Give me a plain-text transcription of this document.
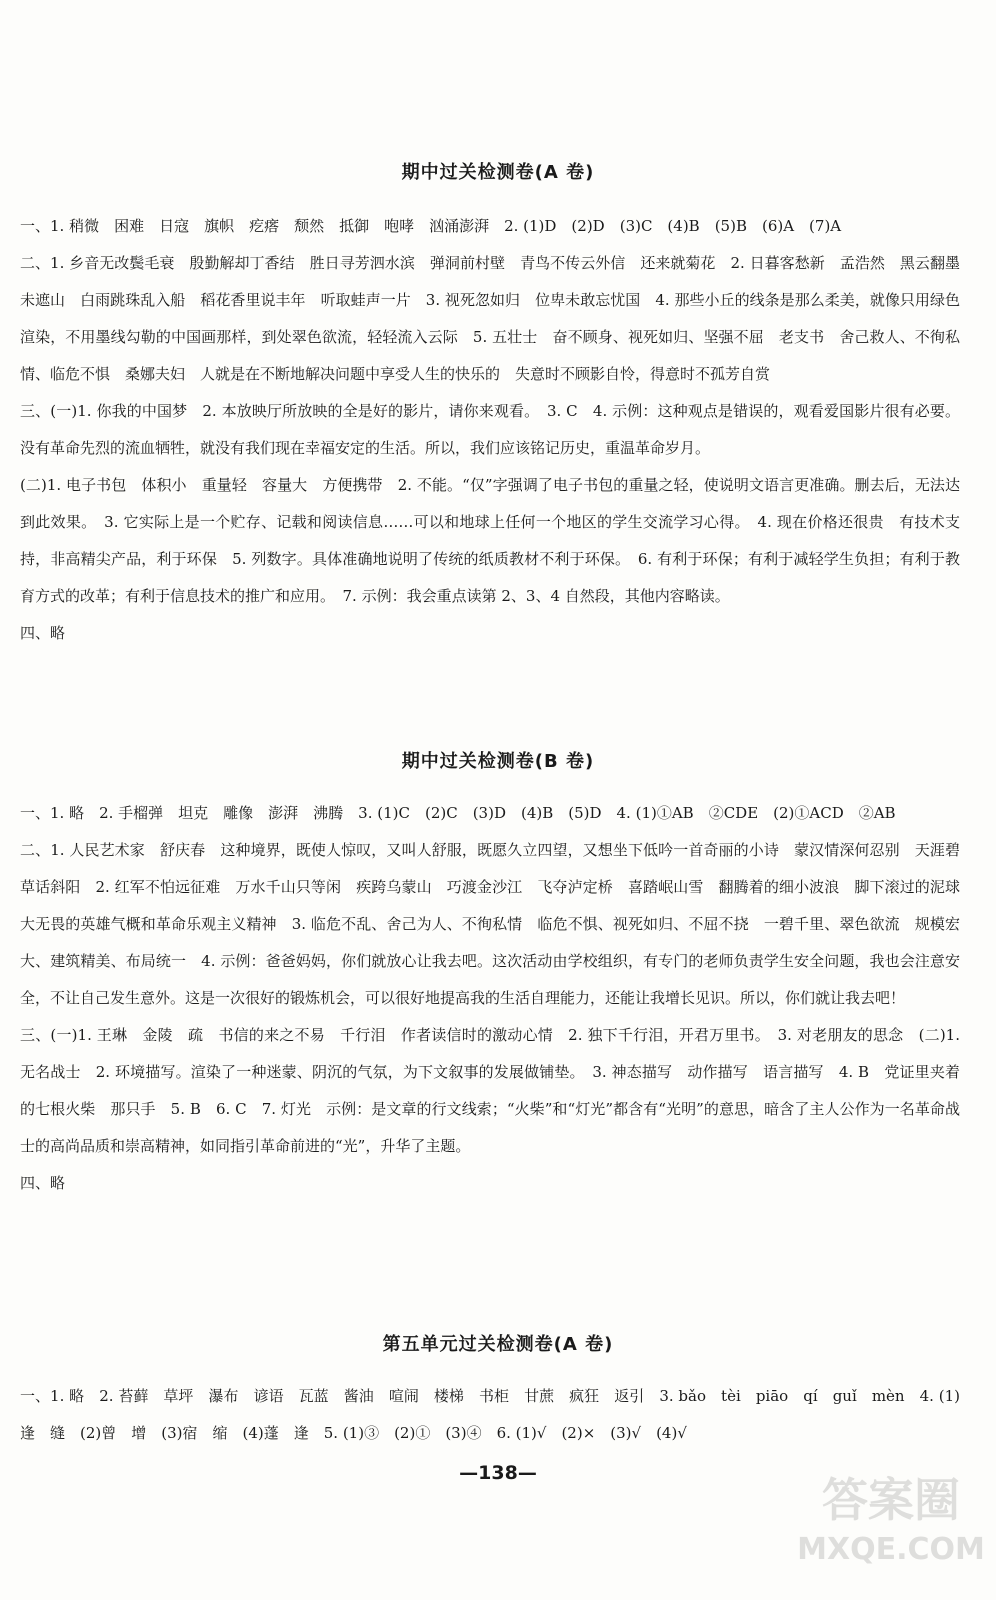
期中过关检测卷(A 卷)

一、1. 稍微　困难　日寇　旗帜　疙瘩　颓然　抵御　咆哮　汹涌澎湃　2. (1)D　(2)D　(3)C　(4)B　(5)B　(6)A　(7)A

二、1. 乡音无改鬓毛衰　殷勤解却丁香结　胜日寻芳泗水滨　弹洞前村壁　青鸟不传云外信　还来就菊花　2. 日暮客愁新　孟浩然　黑云翻墨未遮山　白雨跳珠乱入船　稻花香里说丰年　听取蛙声一片　3. 视死忽如归　位卑未敢忘忧国　4. 那些小丘的线条是那么柔美，就像只用绿色渲染，不用墨线勾勒的中国画那样，到处翠色欲流，轻轻流入云际　5. 五壮士　奋不顾身、视死如归、坚强不屈　老支书　舍己救人、不徇私情、临危不惧　桑娜夫妇　人就是在不断地解决问题中享受人生的快乐的　失意时不顾影自怜，得意时不孤芳自赏

三、(一)1. 你我的中国梦　2. 本放映厅所放映的全是好的影片，请你来观看。　3. C　4. 示例：这种观点是错误的，观看爱国影片很有必要。没有革命先烈的流血牺牲，就没有我们现在幸福安定的生活。所以，我们应该铭记历史，重温革命岁月。

(二)1. 电子书包　体积小　重量轻　容量大　方便携带　2. 不能。“仅”字强调了电子书包的重量之轻，使说明文语言更准确。删去后，无法达到此效果。　3. 它实际上是一个贮存、记载和阅读信息……可以和地球上任何一个地区的学生交流学习心得。　4. 现在价格还很贵　有技术支持，非高精尖产品，利于环保　5. 列数字。具体准确地说明了传统的纸质教材不利于环保。　6. 有利于环保；有利于减轻学生负担；有利于教育方式的改革；有利于信息技术的推广和应用。　7. 示例：我会重点读第 2、3、4 自然段，其他内容略读。

四、略

期中过关检测卷(B 卷)

一、1. 略　2. 手榴弹　坦克　雕像　澎湃　沸腾　3. (1)C　(2)C　(3)D　(4)B　(5)D　4. (1)①AB　②CDE　(2)①ACD　②AB

二、1. 人民艺术家　舒庆春　这种境界，既使人惊叹，又叫人舒服，既愿久立四望，又想坐下低吟一首奇丽的小诗　蒙汉情深何忍别　天涯碧草话斜阳　2. 红军不怕远征难　万水千山只等闲　疾跨乌蒙山　巧渡金沙江　飞夺泸定桥　喜踏岷山雪　翻腾着的细小波浪　脚下滚过的泥球　大无畏的英雄气概和革命乐观主义精神　3. 临危不乱、舍己为人、不徇私情　临危不惧、视死如归、不屈不挠　一碧千里、翠色欲流　规模宏大、建筑精美、布局统一　4. 示例：爸爸妈妈，你们就放心让我去吧。这次活动由学校组织，有专门的老师负责学生安全问题，我也会注意安全，不让自己发生意外。这是一次很好的锻炼机会，可以很好地提高我的生活自理能力，还能让我增长见识。所以，你们就让我去吧！

三、(一)1. 王琳　金陵　疏　书信的来之不易　千行泪　作者读信时的激动心情　2. 独下千行泪，开君万里书。　3. 对老朋友的思念　(二)1. 无名战士　2. 环境描写。渲染了一种迷蒙、阴沉的气氛，为下文叙事的发展做铺垫。　3. 神态描写　动作描写　语言描写　4. B　党证里夹着的七根火柴　那只手　5. B　6. C　7. 灯光　示例：是文章的行文线索；“火柴”和“灯光”都含有“光明”的意思，暗含了主人公作为一名革命战士的高尚品质和崇高精神，如同指引革命前进的“光”，升华了主题。

四、略

第五单元过关检测卷(A 卷)

一、1. 略　2. 苔藓　草坪　瀑布　谚语　瓦蓝　酱油　喧闹　楼梯　书柜　甘蔗　疯狂　返引　3. bǎo　tèi　piāo　qí　guǐ　mèn　4. (1)逢　缝　(2)曾　增　(3)宿　缩　(4)蓬　逢　5. (1)③　(2)①　(3)④　6. (1)√　(2)×　(3)√　(4)√

—138—	答案圈
MXQE.COM
